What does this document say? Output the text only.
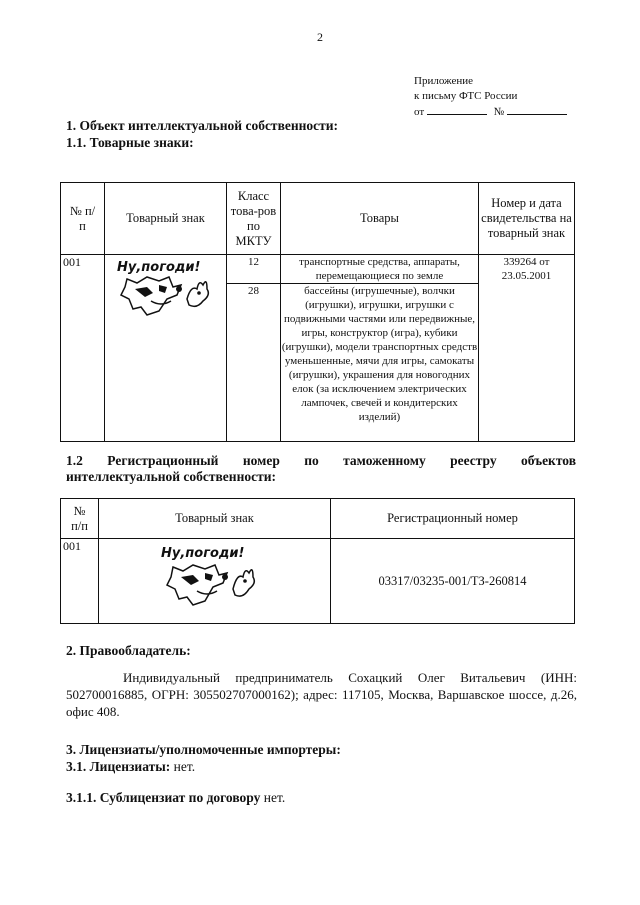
2
Приложение
к письму ФТС России
от	№
1. Объект интеллектуальной собственности:
1.1. Товарные знаки:
№ п/п	Товарный знак	Класс това-ров по МКТУ	Товары	Номер и дата свидетельства на товарный знак
001	Ну,погоди!	12	транспортные средства, аппараты, перемещающиеся по земле	339264 от 23.05.2001
		28	бассейны (игрушечные), волчки (игрушки), игрушки, игрушки с подвижными частями или передвижные, игры, конструктор (игра), кубики (игрушки), модели транспортных средств уменьшенные, мячи для игры, самокаты (игрушки), украшения для новогодних елок (за исключением электрических лампочек, свечей и кондитерских изделий)	
1.2 Регистрационный номер по таможенному реестру объектов
интеллектуальной собственности:
№ п/п	Товарный знак	Регистрационный номер
001	Ну,погоди!	03317/03235-001/ТЗ-260814
2. Правообладатель:
Индивидуальный предприниматель Сохацкий Олег Витальевич (ИНН: 502700016885, ОГРН: 305502707000162); адрес: 117105, Москва, Варшавское шоссе, д.26, офис 408.
3. Лицензиаты/уполномоченные импортеры:
3.1. Лицензиаты: нет.
3.1.1. Сублицензиат по договору нет.
